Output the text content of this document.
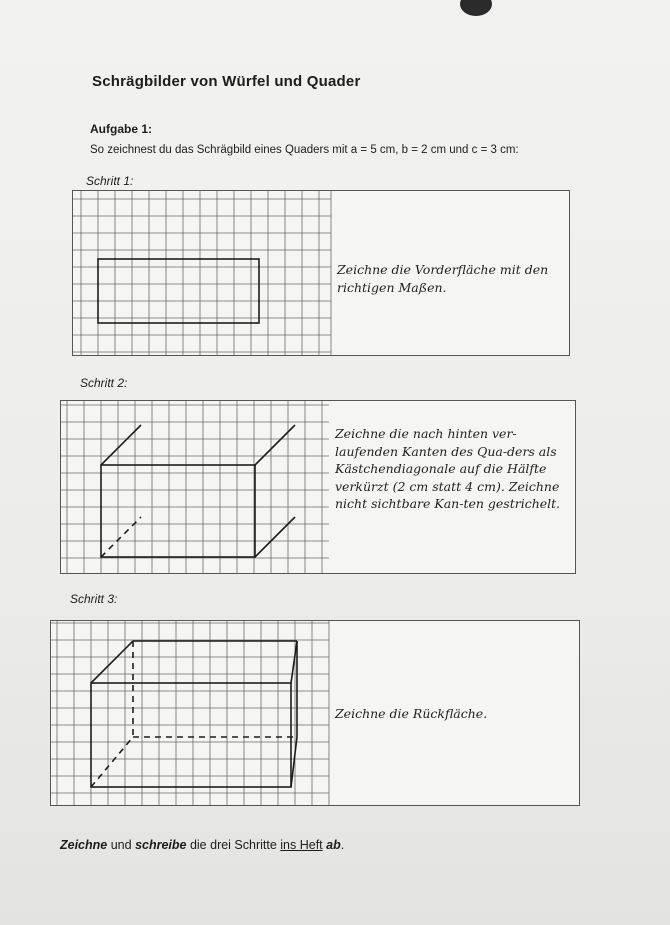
Schrägbilder von Würfel und Quader
Aufgabe 1:
So zeichnest du das Schrägbild eines Quaders mit a = 5 cm, b = 2 cm und c = 3 cm:
Schritt 1:
Zeichne die Vorderfläche mit den richtigen Maßen.
Schritt 2:
Zeichne die nach hinten ver-laufenden Kanten des Qua-ders als Kästchendiagonale auf die Hälfte verkürzt (2 cm statt 4 cm). Zeichne nicht sichtbare Kan-ten gestrichelt.
Schritt 3:
Zeichne die Rückfläche.
Zeichne und schreibe die drei Schritte ins Heft ab.
